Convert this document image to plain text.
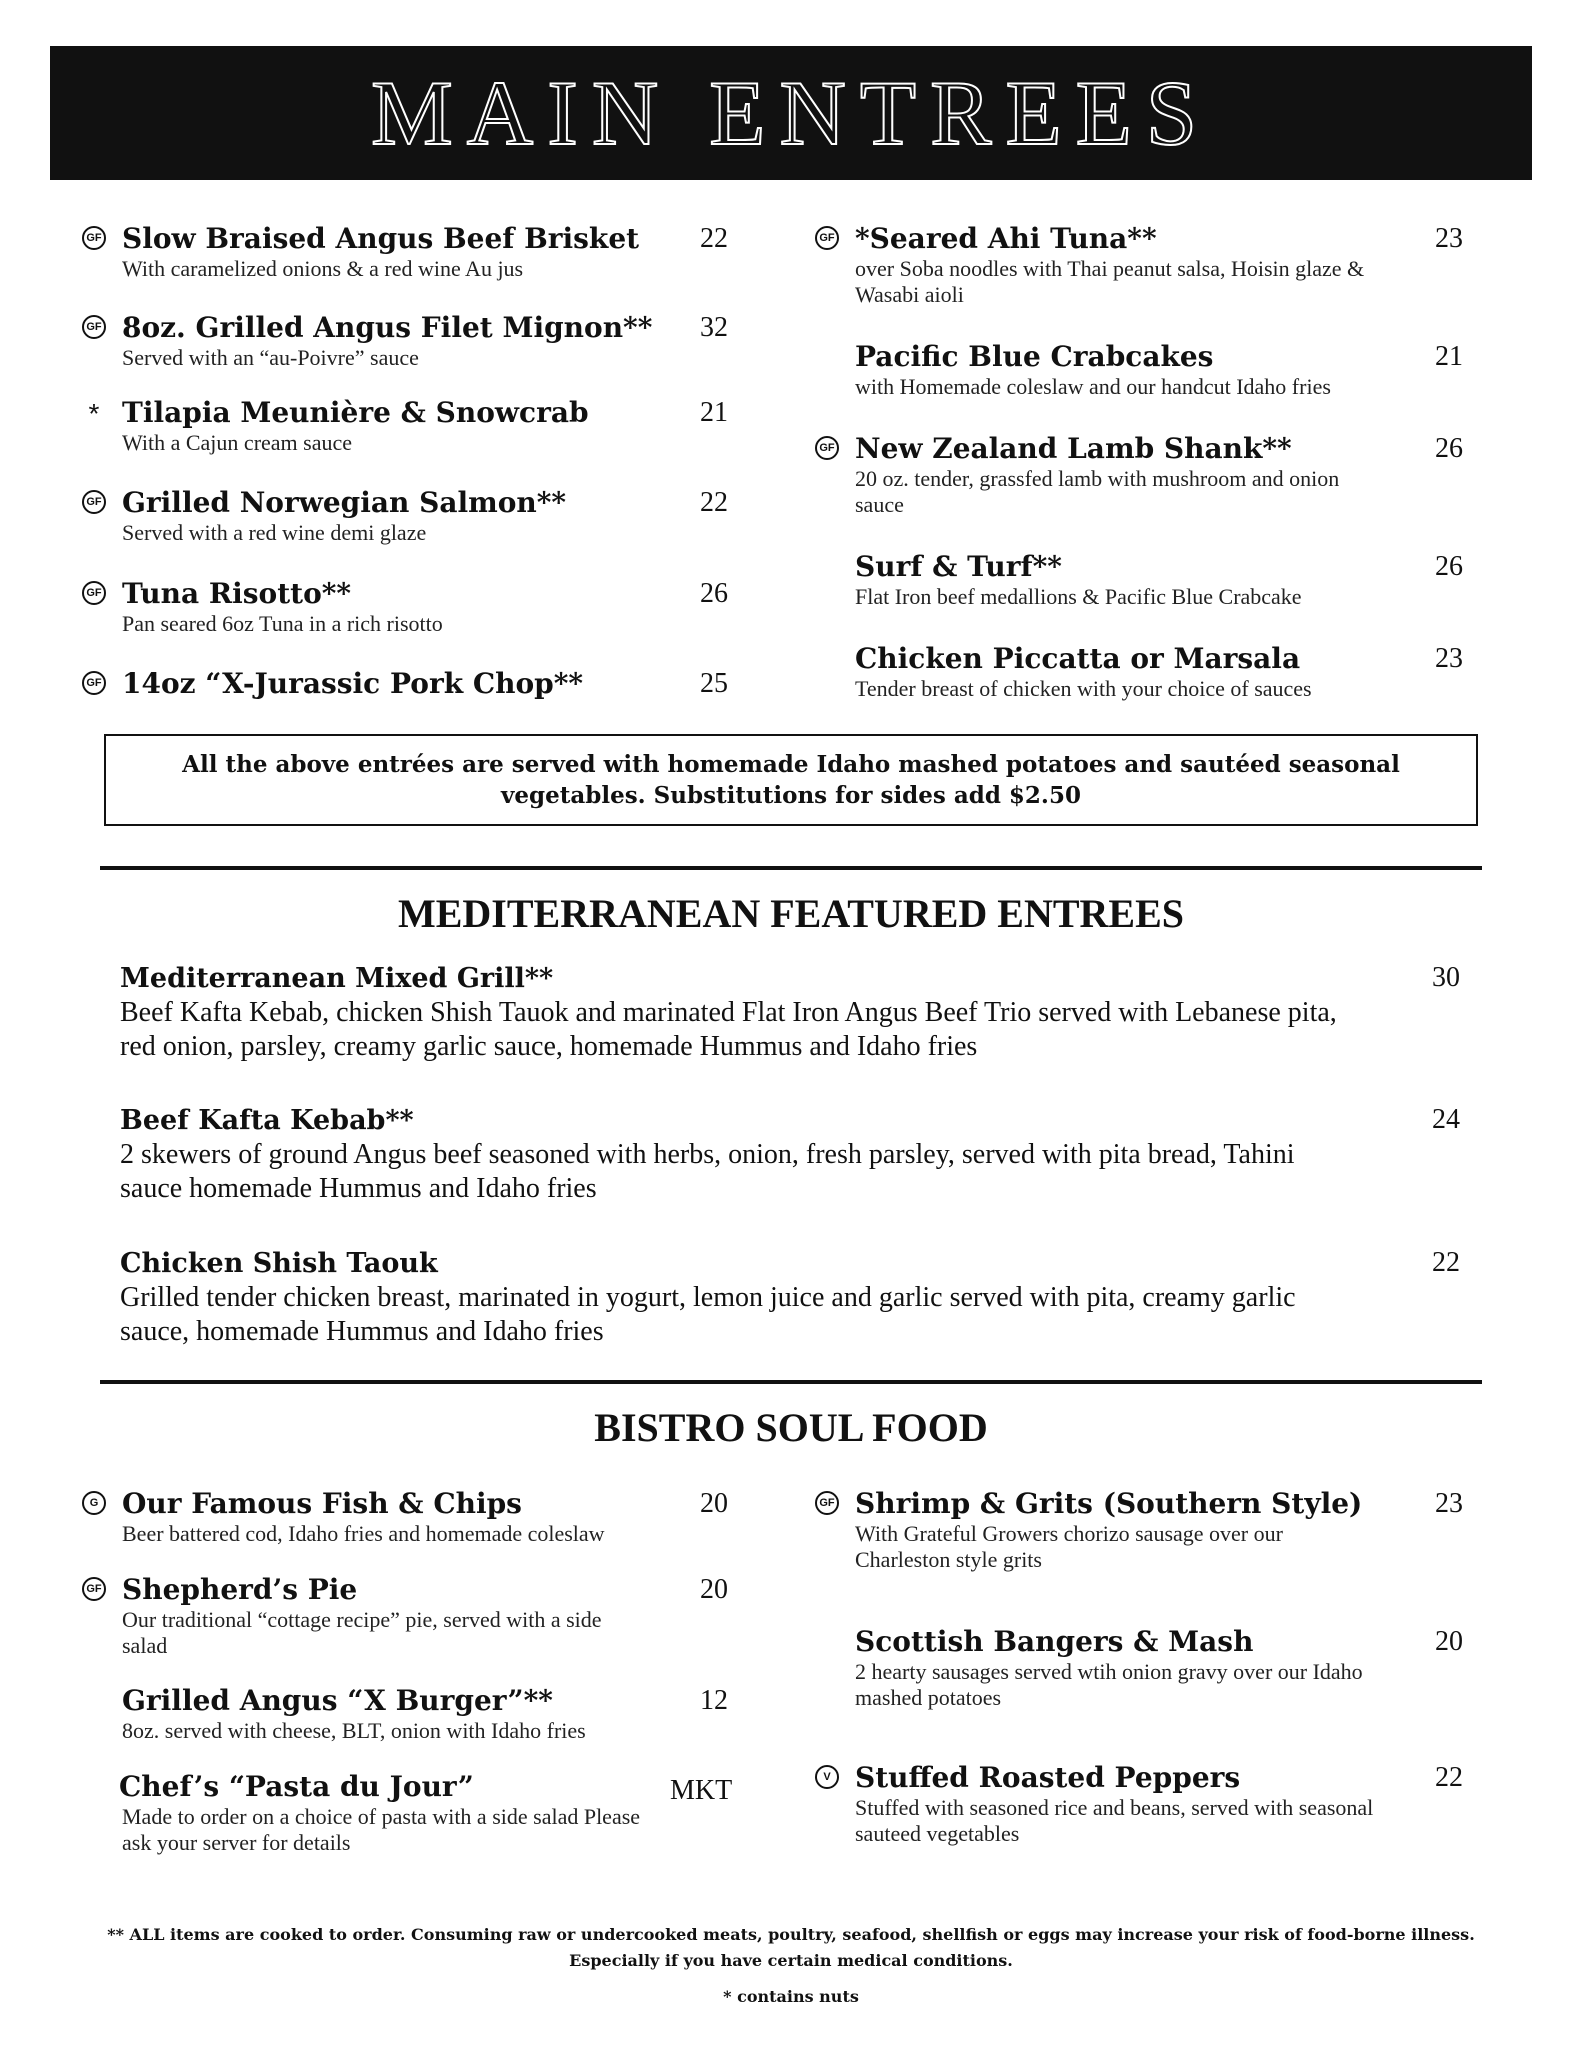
MAIN ENTREES
GF Slow Braised Angus Beef Brisket
With caramelized onions & a red wine Au jus
22
GF 8oz. Grilled Angus Filet Mignon**
Served with an “au-Poivre” sauce
32
* Tilapia Meunière & Snowcrab
With a Cajun cream sauce
21
GF Grilled Norwegian Salmon**
Served with a red wine demi glaze
22
GF Tuna Risotto**
Pan seared 6oz Tuna in a rich risotto
26
GF 14oz “X-Jurassic Pork Chop**	25
GF *Seared Ahi Tuna**
over Soba noodles with Thai peanut salsa, Hoisin glaze & Wasabi aioli
23
Pacific Blue Crabcakes
with Homemade coleslaw and our handcut Idaho fries
21
GF New Zealand Lamb Shank**
20 oz. tender, grassfed lamb with mushroom and onion sauce
26
Surf & Turf**
Flat Iron beef medallions & Pacific Blue Crabcake
26
Chicken Piccatta or Marsala
Tender breast of chicken with your choice of sauces
23
All the above entrées are served with homemade Idaho mashed potatoes and sautéed seasonal vegetables. Substitutions for sides add $2.50
MEDITERRANEAN FEATURED ENTREES
Mediterranean Mixed Grill**
Beef Kafta Kebab, chicken Shish Tauok and marinated Flat Iron Angus Beef Trio served with Lebanese pita, red onion, parsley, creamy garlic sauce, homemade Hummus and Idaho fries
30
Beef Kafta Kebab**
2 skewers of ground Angus beef seasoned with herbs, onion, fresh parsley, served with pita bread, Tahini sauce homemade Hummus and Idaho fries
24
Chicken Shish Taouk
Grilled tender chicken breast, marinated in yogurt, lemon juice and garlic served with pita, creamy garlic sauce, homemade Hummus and Idaho fries
22
BISTRO SOUL FOOD
G Our Famous Fish & Chips
Beer battered cod, Idaho fries and homemade coleslaw
20
GF Shepherd’s Pie
Our traditional “cottage recipe” pie, served with a side salad
20
Grilled Angus “X Burger”**
8oz. served with cheese, BLT, onion with Idaho fries
12
Chef’s “Pasta du Jour”
Made to order on a choice of pasta with a side salad Please ask your server for details
MKT
GF Shrimp & Grits (Southern Style)
With Grateful Growers chorizo sausage over our Charleston style grits
23
Scottish Bangers & Mash
2 hearty sausages served wtih onion gravy over our Idaho mashed potatoes
20
V Stuffed Roasted Peppers
Stuffed with seasoned rice and beans, served with seasonal sauteed vegetables
22
** ALL items are cooked to order. Consuming raw or undercooked meats, poultry, seafood, shellfish or eggs may increase your risk of food-borne illness. Especially if you have certain medical conditions.
* contains nuts
